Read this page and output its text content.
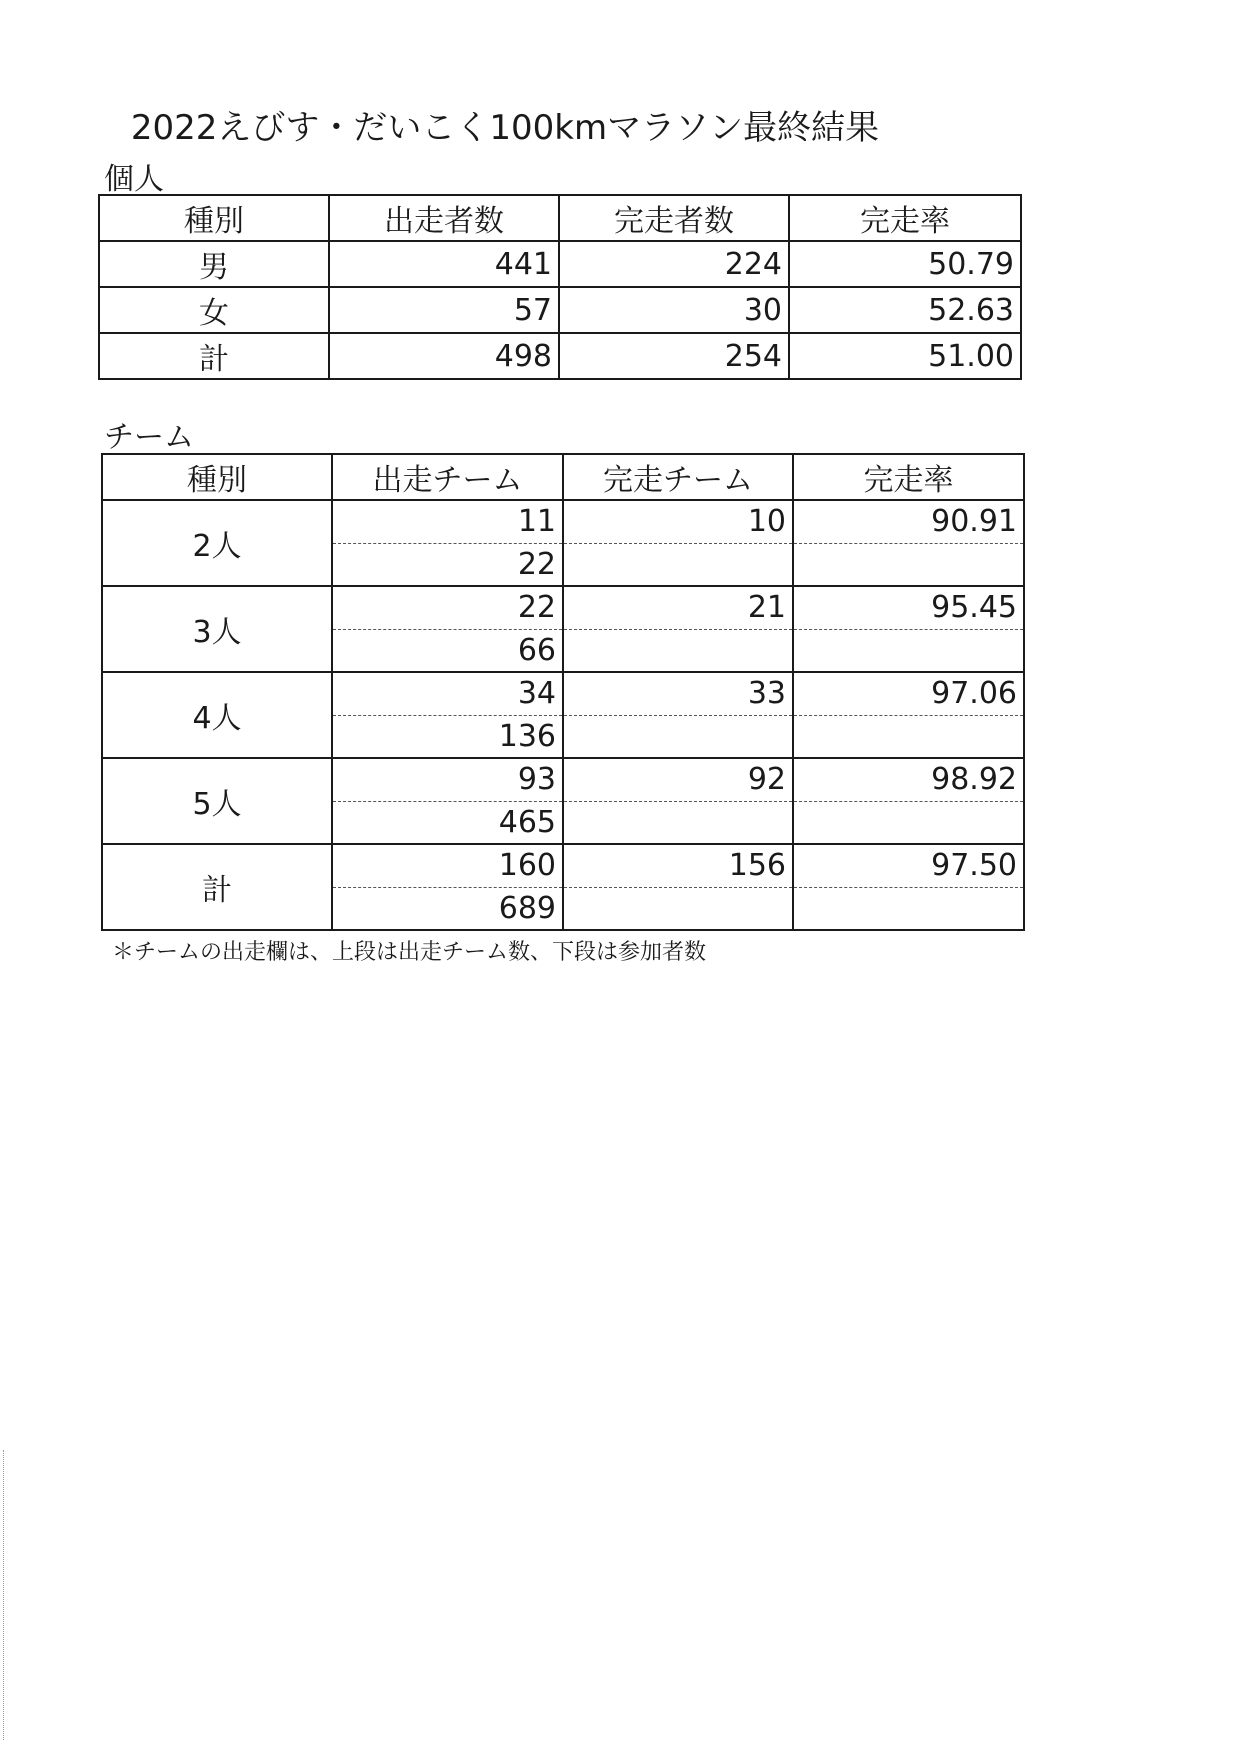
2022えびす・だいこく100kmマラソン最終結果
個人
種別	出走者数	完走者数	完走率
男	441	224	50.79
女	57	30	52.63
計	498	254	51.00
チーム
種別	出走チーム	完走チーム	完走率
2人	11	10	90.91
	22		
3人	22	21	95.45
	66		
4人	34	33	97.06
	136		
5人	93	92	98.92
	465		
計	160	156	97.50
	689		
＊チームの出走欄は、上段は出走チーム数、下段は参加者数
